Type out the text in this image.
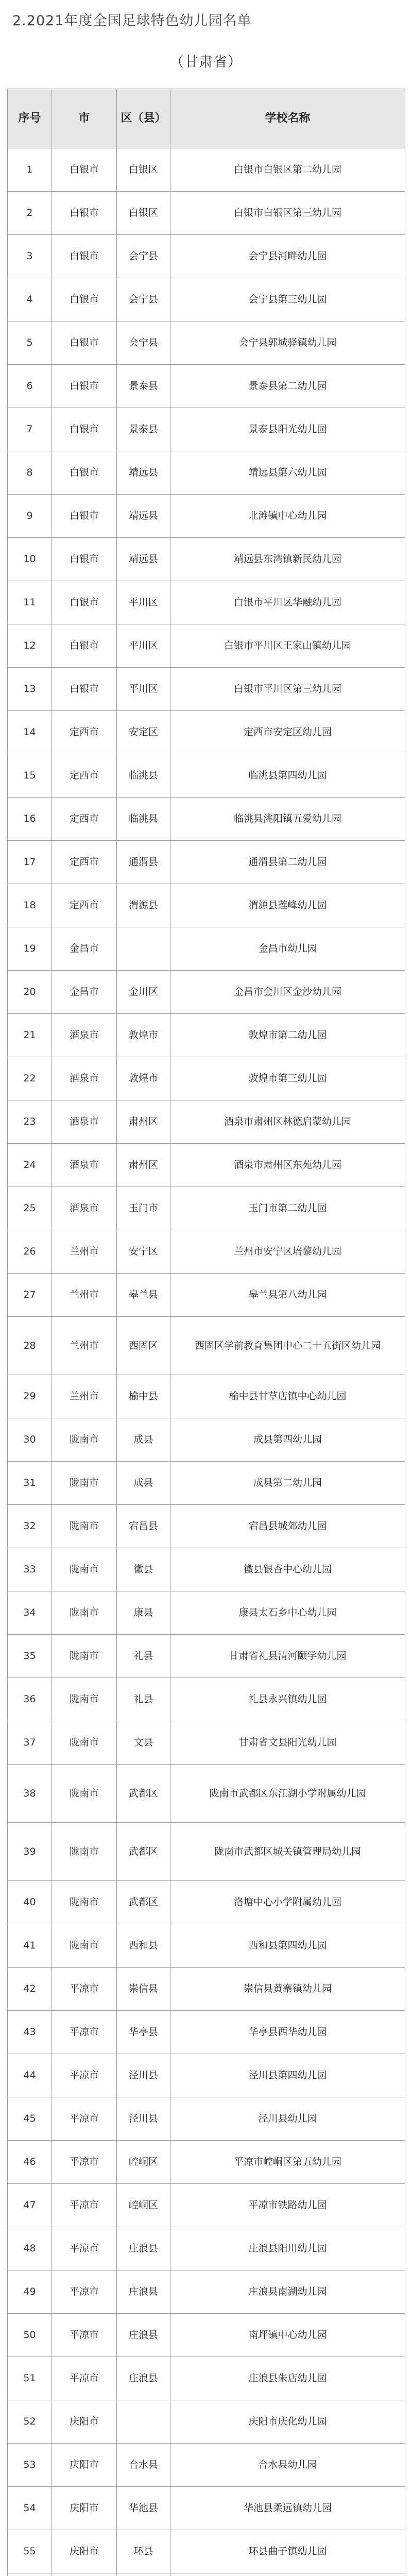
2.2021年度全国足球特色幼儿园名单
（甘肃省）
序号	市	区（县）	学校名称
1	白银市	白银区	白银市白银区第二幼儿园
2	白银市	白银区	白银市白银区第三幼儿园
3	白银市	会宁县	会宁县河畔幼儿园
4	白银市	会宁县	会宁县第三幼儿园
5	白银市	会宁县	会宁县郭城驿镇幼儿园
6	白银市	景泰县	景泰县第二幼儿园
7	白银市	景泰县	景泰县阳光幼儿园
8	白银市	靖远县	靖远县第六幼儿园
9	白银市	靖远县	北滩镇中心幼儿园
10	白银市	靖远县	靖远县东湾镇新民幼儿园
11	白银市	平川区	白银市平川区华融幼儿园
12	白银市	平川区	白银市平川区王家山镇幼儿园
13	白银市	平川区	白银市平川区第三幼儿园
14	定西市	安定区	定西市安定区幼儿园
15	定西市	临洮县	临洮县第四幼儿园
16	定西市	临洮县	临洮县洮阳镇五爱幼儿园
17	定西市	通渭县	通渭县第二幼儿园
18	定西市	渭源县	渭源县莲峰幼儿园
19	金昌市		金昌市幼儿园
20	金昌市	金川区	金昌市金川区金沙幼儿园
21	酒泉市	敦煌市	敦煌市第二幼儿园
22	酒泉市	敦煌市	敦煌市第三幼儿园
23	酒泉市	肃州区	酒泉市肃州区林德启蒙幼儿园
24	酒泉市	肃州区	酒泉市肃州区东苑幼儿园
25	酒泉市	玉门市	玉门市第二幼儿园
26	兰州市	安宁区	兰州市安宁区培黎幼儿园
27	兰州市	皋兰县	皋兰县第八幼儿园
28	兰州市	西固区	西固区学前教育集团中心二十五街区幼儿园
29	兰州市	榆中县	榆中县甘草店镇中心幼儿园
30	陇南市	成县	成县第四幼儿园
31	陇南市	成县	成县第二幼儿园
32	陇南市	宕昌县	宕昌县城郊幼儿园
33	陇南市	徽县	徽县银杏中心幼儿园
34	陇南市	康县	康县太石乡中心幼儿园
35	陇南市	礼县	甘肃省礼县清河颐学幼儿园
36	陇南市	礼县	礼县永兴镇幼儿园
37	陇南市	文县	甘肃省文县阳光幼儿园
38	陇南市	武都区	陇南市武都区东江湖小学附属幼儿园
39	陇南市	武都区	陇南市武都区城关镇管理局幼儿园
40	陇南市	武都区	洛塘中心小学附属幼儿园
41	陇南市	西和县	西和县第四幼儿园
42	平凉市	崇信县	崇信县黄寨镇幼儿园
43	平凉市	华亭县	华亭县西华幼儿园
44	平凉市	泾川县	泾川县第四幼儿园
45	平凉市	泾川县	泾川县幼儿园
46	平凉市	崆峒区	平凉市崆峒区第五幼儿园
47	平凉市	崆峒区	平凉市铁路幼儿园
48	平凉市	庄浪县	庄浪县阳川幼儿园
49	平凉市	庄浪县	庄浪县南湖幼儿园
50	平凉市	庄浪县	南坪镇中心幼儿园
51	平凉市	庄浪县	庄浪县朱店幼儿园
52	庆阳市		庆阳市庆化幼儿园
53	庆阳市	合水县	合水县幼儿园
54	庆阳市	华池县	华池县柔远镇幼儿园
55	庆阳市	环县	环县曲子镇幼儿园
